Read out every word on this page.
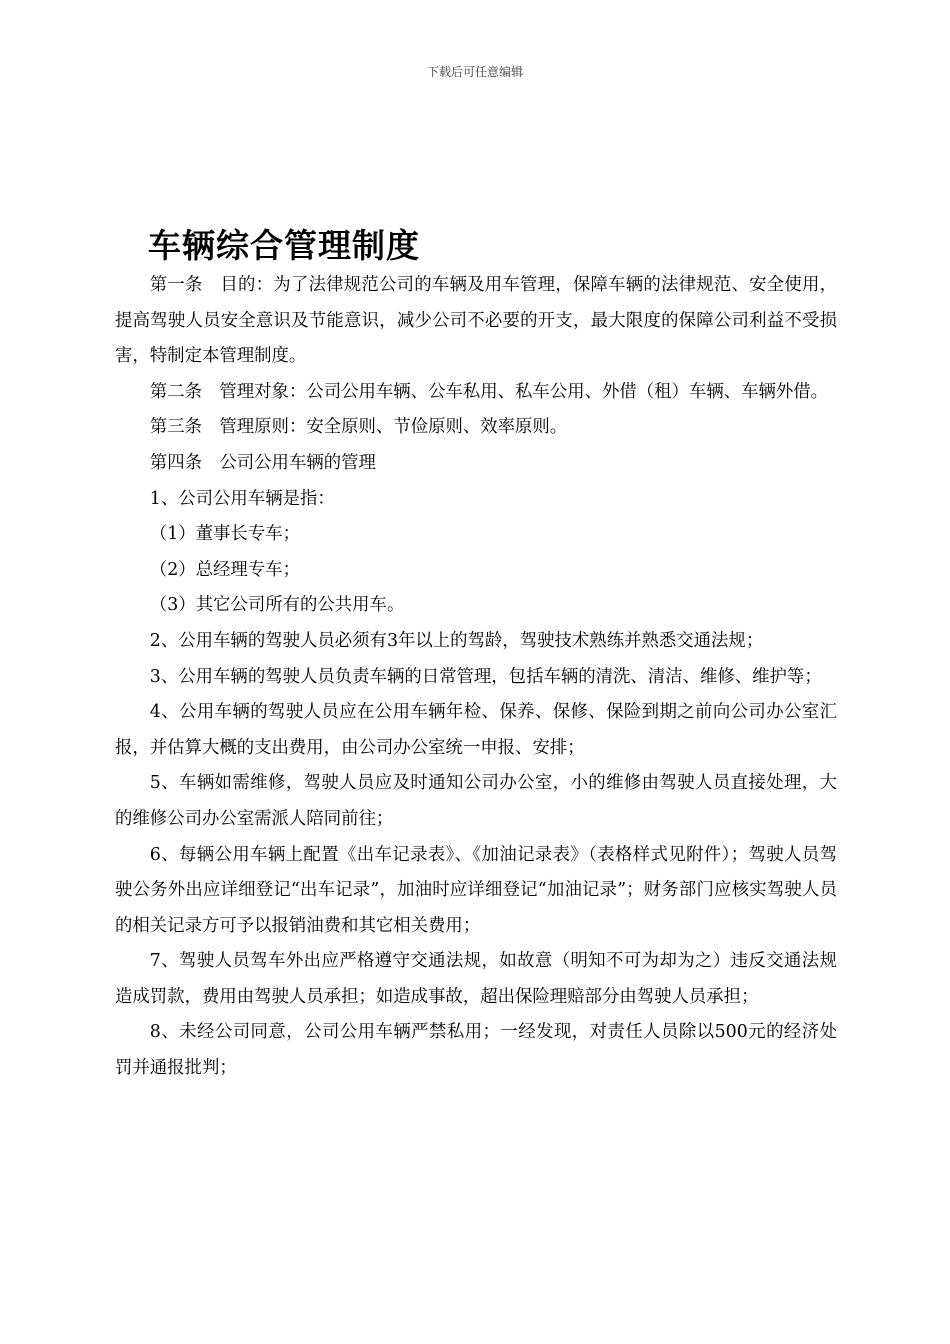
下载后可任意编辑
车辆综合管理制度

第一条 目的：为了法律规范公司的车辆及用车管理，保障车辆的法律规范、安全使用，提高驾驶人员安全意识及节能意识，减少公司不必要的开支，最大限度的保障公司利益不受损害，特制定本管理制度。

第二条 管理对象：公司公用车辆、公车私用、私车公用、外借（租）车辆、车辆外借。

第三条 管理原则：安全原则、节俭原则、效率原则。

第四条 公司公用车辆的管理

1、公司公用车辆是指：

（1）董事长专车；

（2）总经理专车；

（3）其它公司所有的公共用车。

2、公用车辆的驾驶人员必须有3年以上的驾龄，驾驶技术熟练并熟悉交通法规；

3、公用车辆的驾驶人员负责车辆的日常管理，包括车辆的清洗、清洁、维修、维护等；

4、公用车辆的驾驶人员应在公用车辆年检、保养、保修、保险到期之前向公司办公室汇报，并估算大概的支出费用，由公司办公室统一申报、安排；

5、车辆如需维修，驾驶人员应及时通知公司办公室，小的维修由驾驶人员直接处理，大的维修公司办公室需派人陪同前往；

6、每辆公用车辆上配置《出车记录表》、《加油记录表》（表格样式见附件）；驾驶人员驾驶公务外出应详细登记“出车记录”，加油时应详细登记“加油记录”；财务部门应核实驾驶人员的相关记录方可予以报销油费和其它相关费用；

7、驾驶人员驾车外出应严格遵守交通法规，如故意（明知不可为却为之）违反交通法规造成罚款，费用由驾驶人员承担；如造成事故，超出保险理赔部分由驾驶人员承担；

8、未经公司同意，公司公用车辆严禁私用；一经发现，对责任人员除以500元的经济处罚并通报批判；
